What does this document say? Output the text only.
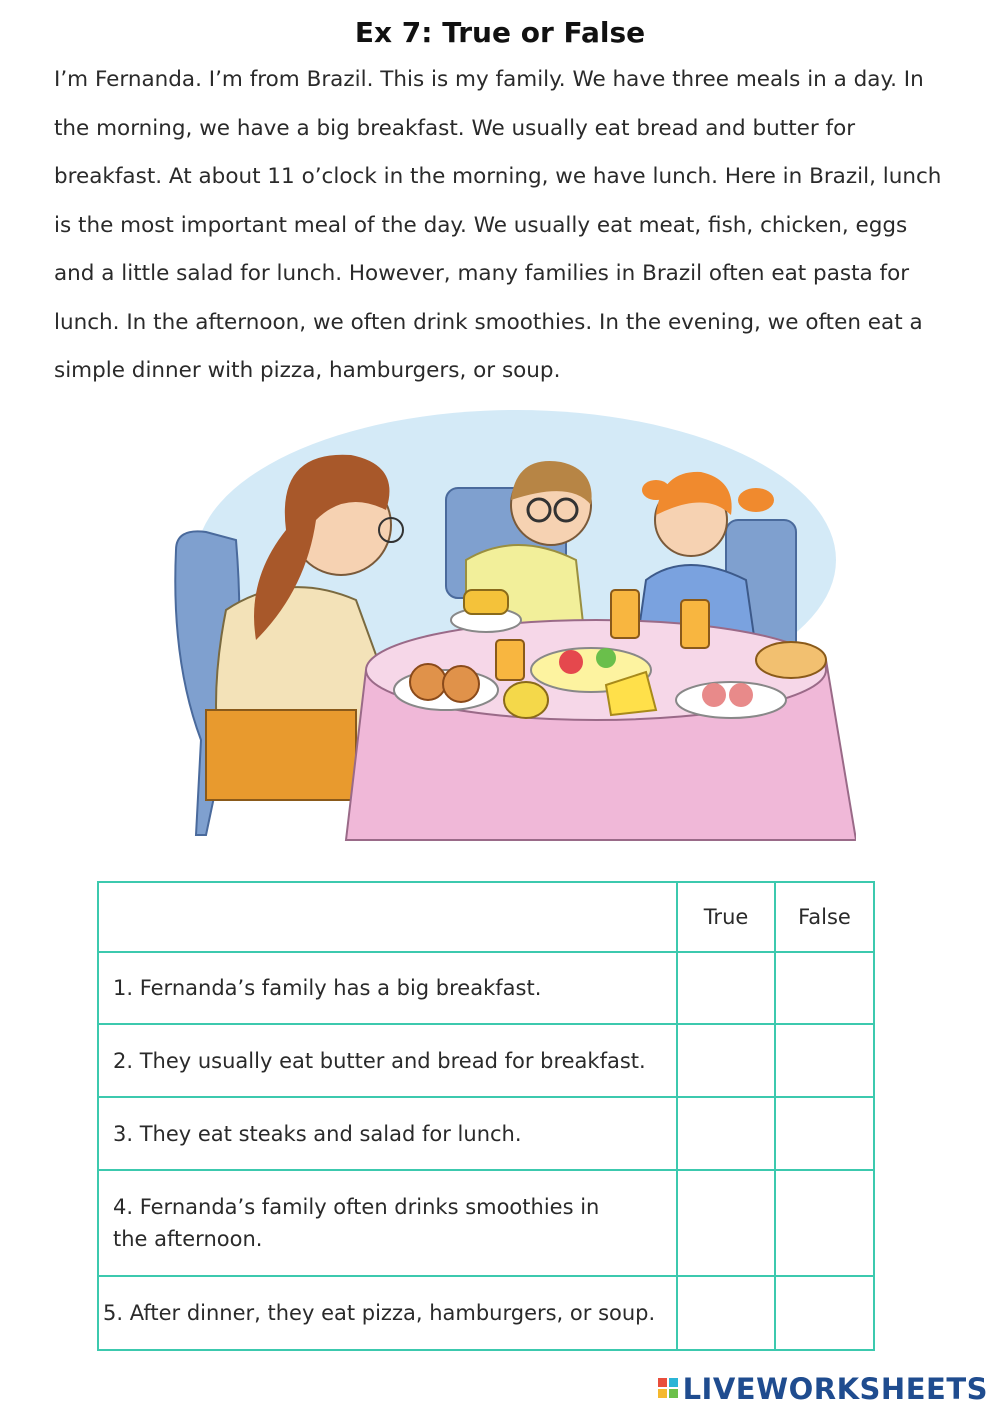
Ex 7: True or False

I’m Fernanda. I’m from Brazil. This is my family. We have three meals in a day. In the morning, we have a big breakfast. We usually eat bread and butter for breakfast. At about 11 o’clock in the morning, we have lunch. Here in Brazil, lunch is the most important meal of the day. We usually eat meat, fish, chicken, eggs and a little salad for lunch. However, many families in Brazil often eat pasta for lunch. In the afternoon, we often drink smoothies. In the evening, we often eat a simple dinner with pizza, hamburgers, or soup.

	True	False
1. Fernanda’s family has a big breakfast.		
2. They usually eat butter and bread for breakfast.		
3. They eat steaks and salad for lunch.		

4. Fernanda’s family often drinks smoothies in the afternoon.		

5. After dinner, they eat pizza, hamburgers, or soup.		
LIVEWORKSHEETS
